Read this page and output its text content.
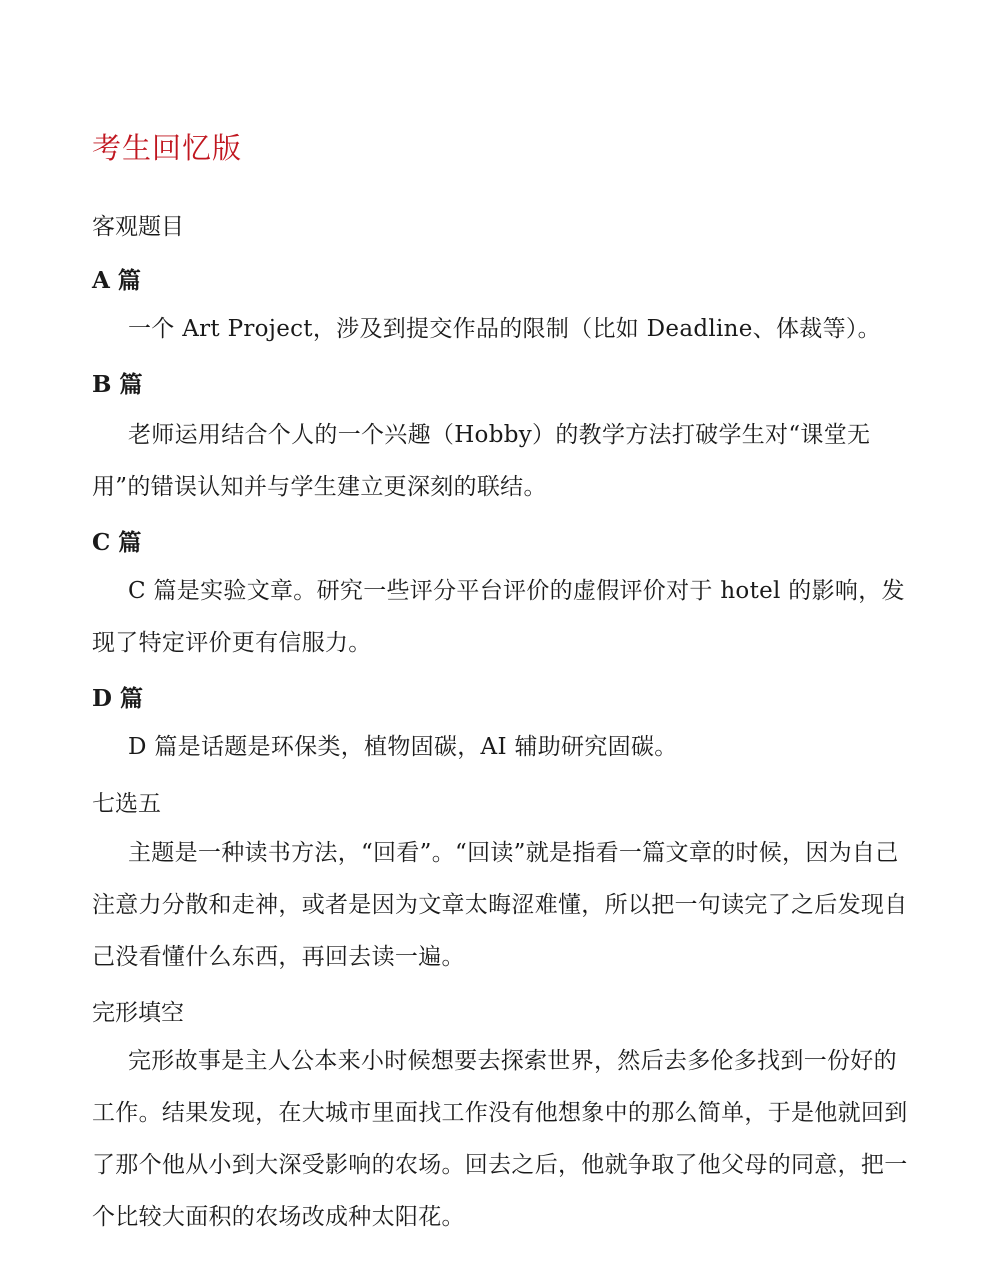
考生回忆版
客观题目
A 篇
一个 Art Project，涉及到提交作品的限制（比如 Deadline、体裁等）。
B 篇
老师运用结合个人的一个兴趣（Hobby）的教学方法打破学生对“课堂无用”的错误认知并与学生建立更深刻的联结。
C 篇
C 篇是实验文章。研究一些评分平台评价的虚假评价对于 hotel 的影响，发现了特定评价更有信服力。
D 篇
D 篇是话题是环保类，植物固碳，AI 辅助研究固碳。
七选五
主题是一种读书方法，“回看”。“回读”就是指看一篇文章的时候，因为自己注意力分散和走神，或者是因为文章太晦涩难懂，所以把一句读完了之后发现自己没看懂什么东西，再回去读一遍。
完形填空
完形故事是主人公本来小时候想要去探索世界，然后去多伦多找到一份好的工作。结果发现，在大城市里面找工作没有他想象中的那么简单，于是他就回到了那个他从小到大深受影响的农场。回去之后，他就争取了他父母的同意，把一个比较大面积的农场改成种太阳花。
